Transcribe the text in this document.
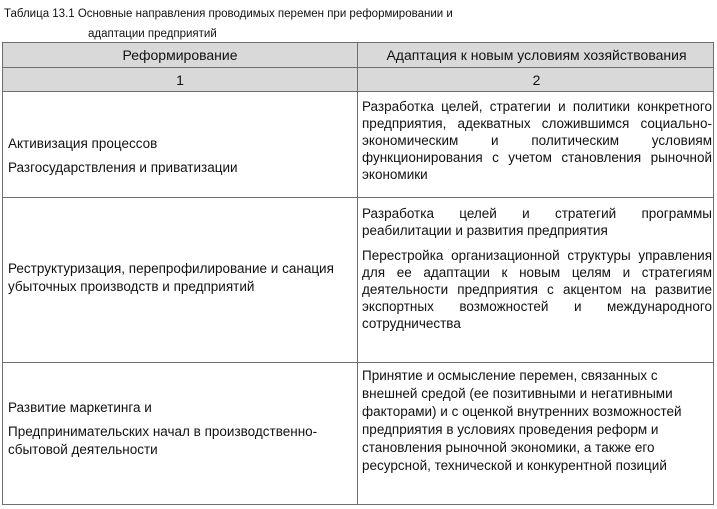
Таблица 13.1 Основные направления проводимых перемен при реформировании и
адаптации предприятий
Реформирование	Адаптация к новым условиям хозяйствования
1	2
Активизация процессов
Разгосударствления и приватизации
Разработка целей, стратегии и политики конкретного предприятия, адекватных сложившимся социально-экономическим и политическим условиям функционирования с учетом становления рыночной экономики
Реструктуризация, перепрофилирование и санация убыточных производств и предприятий
Разработка целей и стратегий программы реабилитации и развития предприятия
Перестройка организационной структуры управления для ее адаптации к новым целям и стратегиям деятельности предприятия с акцентом на развитие экспортных возможностей и международного сотрудничества
Развитие маркетинга и
Предпринимательских начал в производственно-сбытовой деятельности
Принятие и осмысление перемен, связанных с внешней средой (ее позитивными и негативными факторами) и с оценкой внутренних возможностей предприятия в условиях проведения реформ и становления рыночной экономики, а также его ресурсной, технической и конкурентной позиций
